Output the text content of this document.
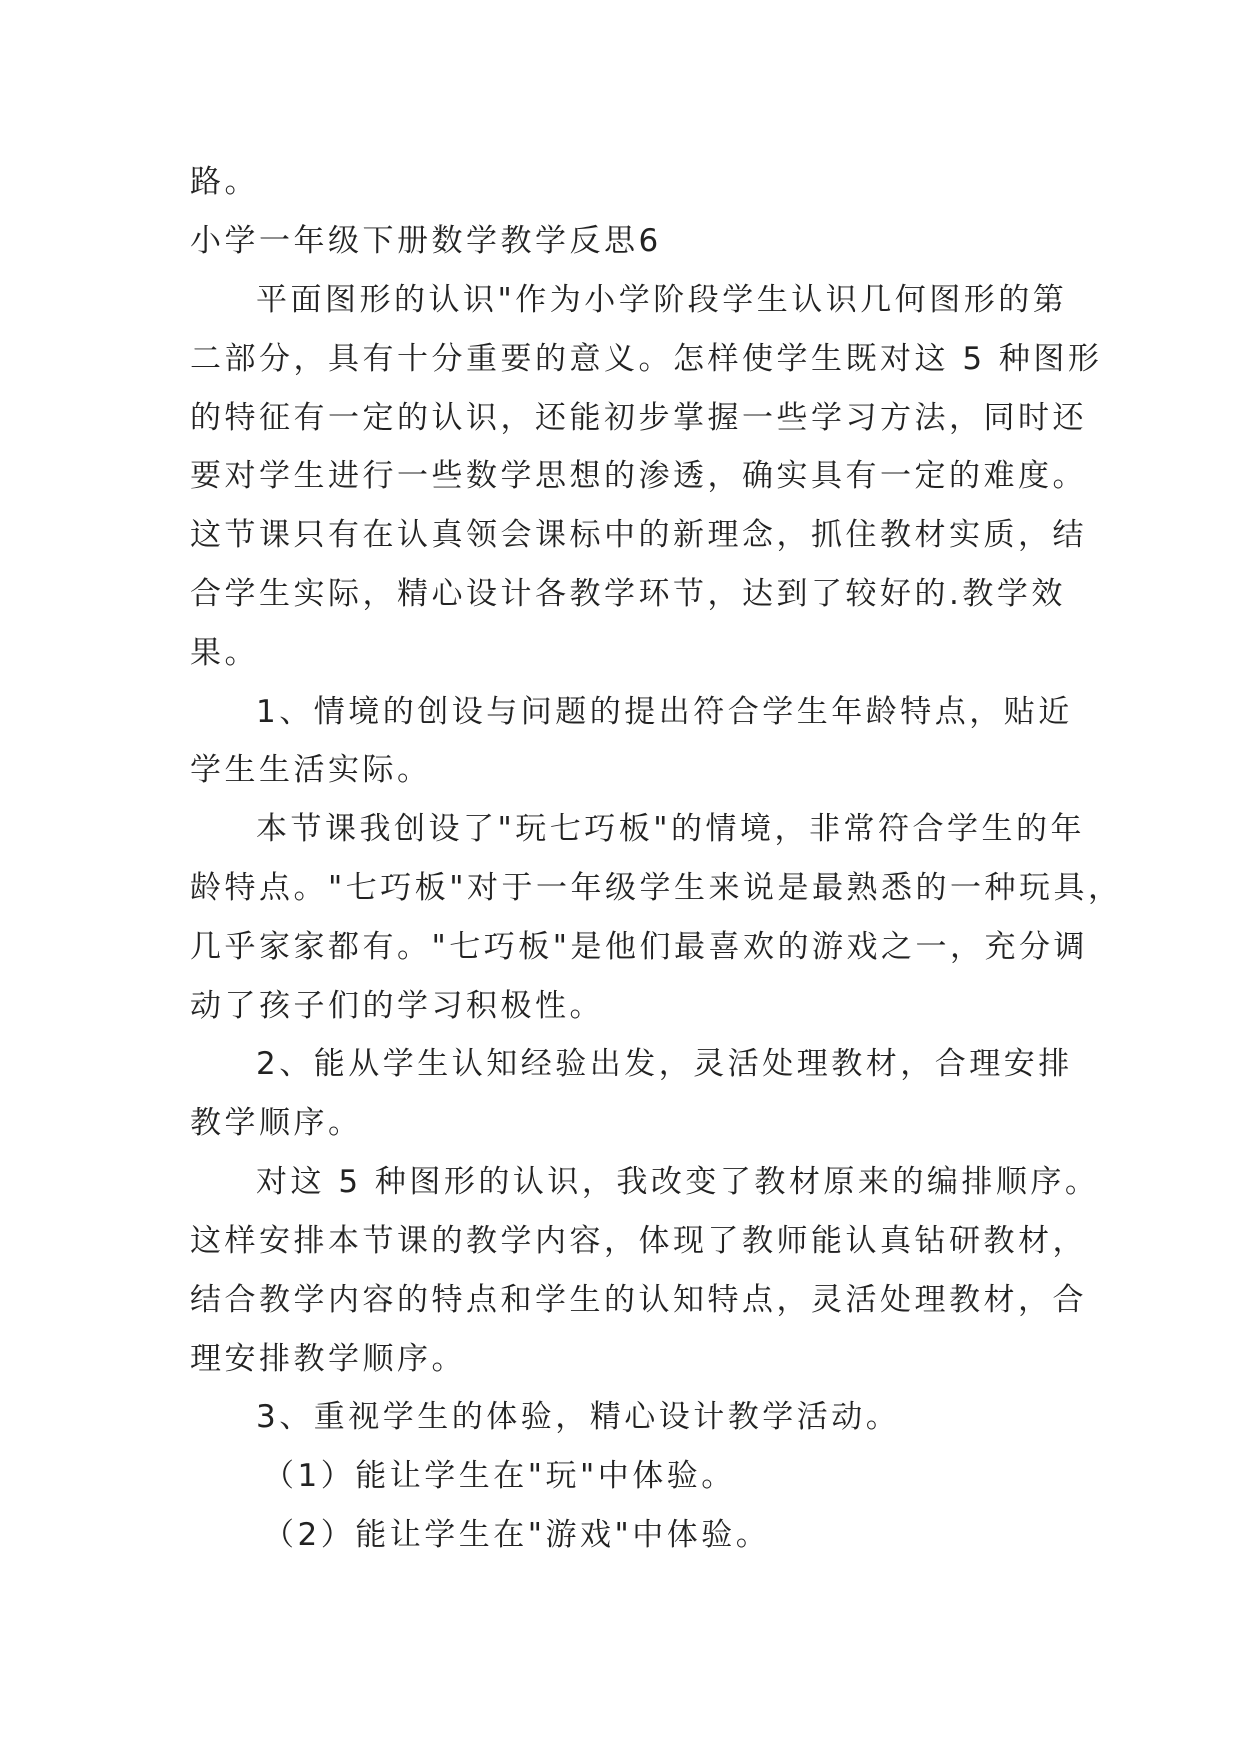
路。
小学一年级下册数学教学反思6
平面图形的认识"作为小学阶段学生认识几何图形的第
二部分，具有十分重要的意义。怎样使学生既对这 5 种图形
的特征有一定的认识，还能初步掌握一些学习方法，同时还
要对学生进行一些数学思想的渗透，确实具有一定的难度。
这节课只有在认真领会课标中的新理念，抓住教材实质，结
合学生实际，精心设计各教学环节，达到了较好的.教学效
果。
1、情境的创设与问题的提出符合学生年龄特点，贴近
学生生活实际。
本节课我创设了"玩七巧板"的情境，非常符合学生的年
龄特点。"七巧板"对于一年级学生来说是最熟悉的一种玩具，
几乎家家都有。"七巧板"是他们最喜欢的游戏之一，充分调
动了孩子们的学习积极性。
2、能从学生认知经验出发，灵活处理教材，合理安排
教学顺序。
对这 5 种图形的认识，我改变了教材原来的编排顺序。
这样安排本节课的教学内容，体现了教师能认真钻研教材，
结合教学内容的特点和学生的认知特点，灵活处理教材，合
理安排教学顺序。
3、重视学生的体验，精心设计教学活动。
（1）能让学生在"玩"中体验。
（2）能让学生在"游戏"中体验。
